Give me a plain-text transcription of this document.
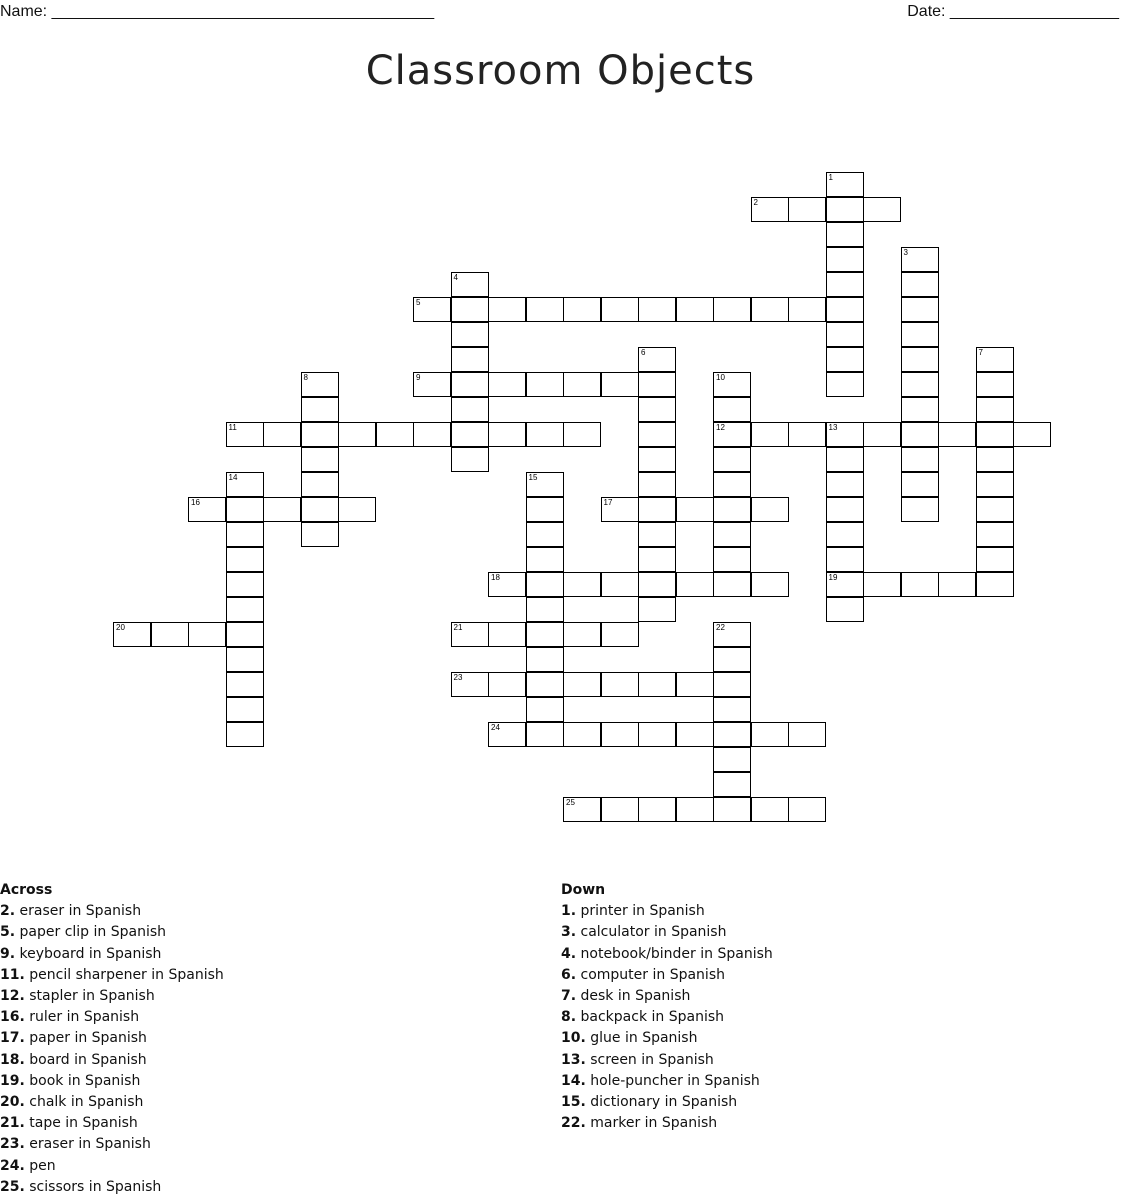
Name: ___________________________________________	Date: ___________________
Classroom Objects
1
2
3
4
5
6	7
8	9	10
12
11	13
19
14	15
16	17
18
20	21	22
23
24
25
Across
2. eraser in Spanish
5. paper clip in Spanish
9. keyboard in Spanish
11. pencil sharpener in Spanish
12. stapler in Spanish
16. ruler in Spanish
17. paper in Spanish
18. board in Spanish
19. book in Spanish
20. chalk in Spanish
21. tape in Spanish
23. eraser in Spanish
24. pen
25. scissors in Spanish
Down
1. printer in Spanish
3. calculator in Spanish
4. notebook/binder in Spanish
6. computer in Spanish
7. desk in Spanish
8. backpack in Spanish
10. glue in Spanish
13. screen in Spanish
14. hole-puncher in Spanish
15. dictionary in Spanish
22. marker in Spanish
